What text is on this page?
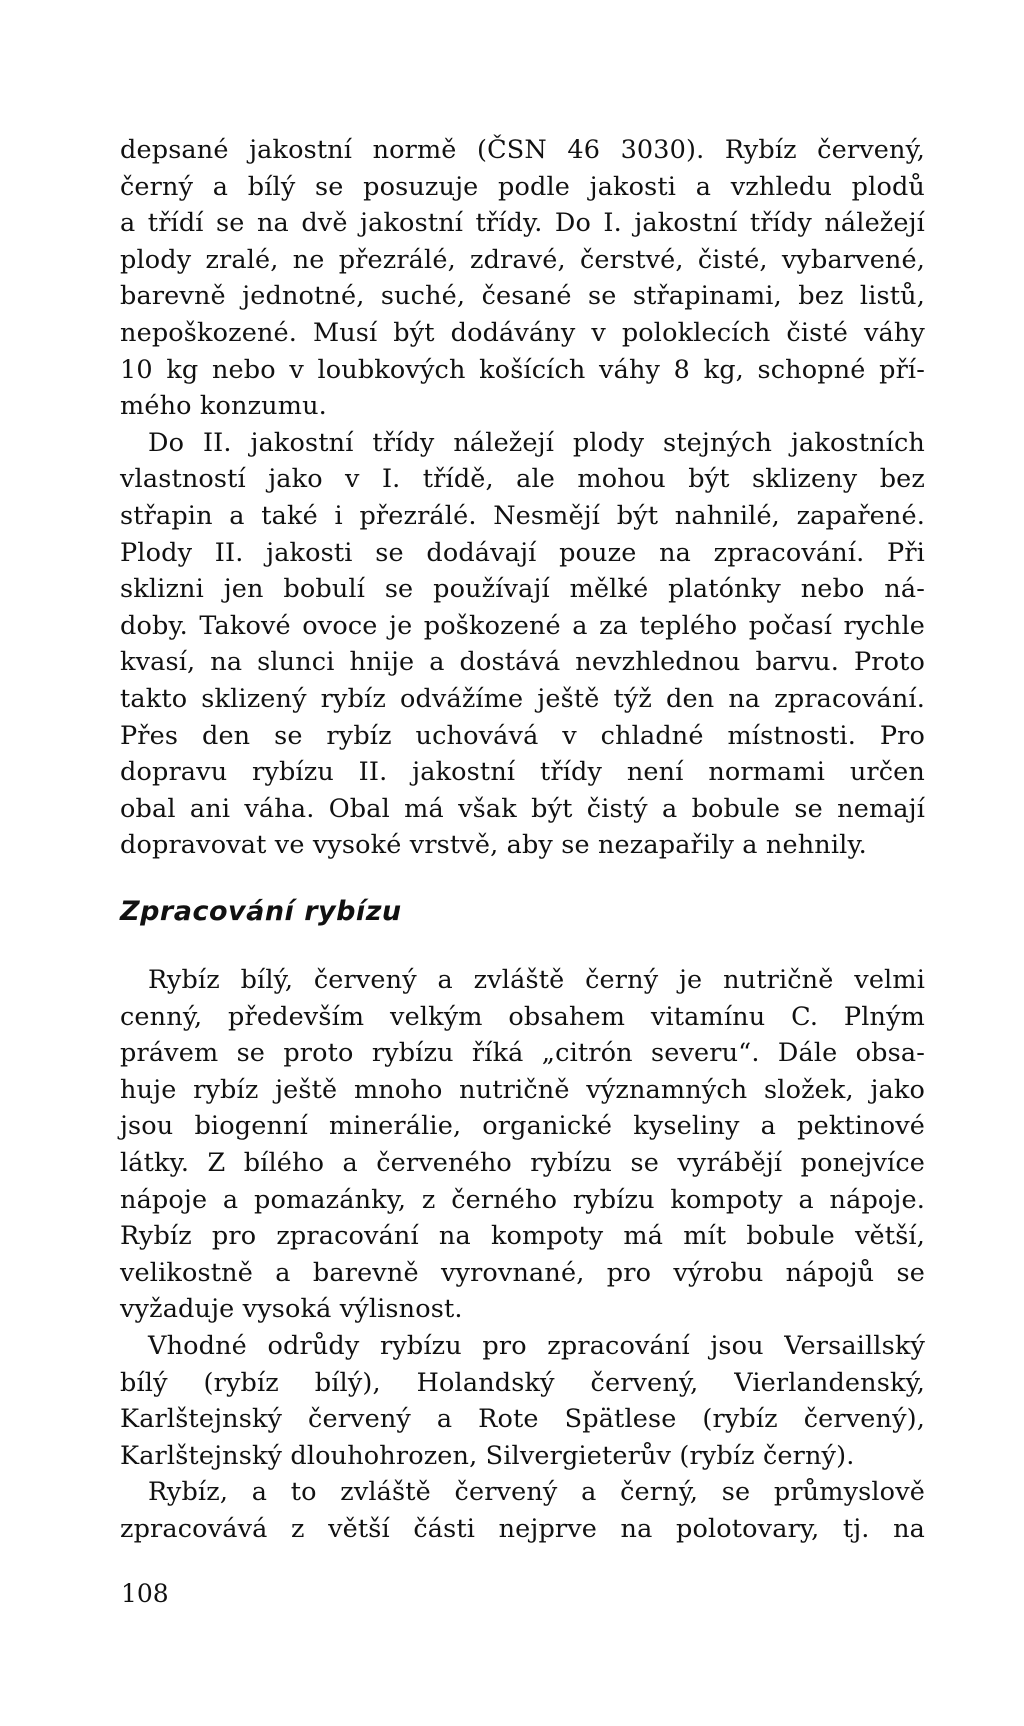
depsané jakostní normě (ČSN 46 3030). Rybíz červený,
černý a bílý se posuzuje podle jakosti a vzhledu plodů
a třídí se na dvě jakostní třídy. Do I. jakostní třídy náležejí
plody zralé, ne přezrálé, zdravé, čerstvé, čisté, vybarvené,
barevně jednotné, suché, česané se střapinami, bez listů,
nepoškozené. Musí být dodávány v poloklecích čisté váhy
10 kg nebo v loubkových košících váhy 8 kg, schopné pří-
mého konzumu.
Do II. jakostní třídy náležejí plody stejných jakostních
vlastností jako v I. třídě, ale mohou být sklizeny bez
střapin a také i přezrálé. Nesmějí být nahnilé, zapařené.
Plody II. jakosti se dodávají pouze na zpracování. Při
sklizni jen bobulí se používají mělké platónky nebo ná-
doby. Takové ovoce je poškozené a za teplého počasí rychle
kvasí, na slunci hnije a dostává nevzhlednou barvu. Proto
takto sklizený rybíz odvážíme ještě týž den na zpracování.
Přes den se rybíz uchovává v chladné místnosti. Pro
dopravu rybízu II. jakostní třídy není normami určen
obal ani váha. Obal má však být čistý a bobule se nemají
dopravovat ve vysoké vrstvě, aby se nezapařily a nehnily.
Zpracování rybízu
Rybíz bílý, červený a zvláště černý je nutričně velmi
cenný, především velkým obsahem vitamínu C. Plným
právem se proto rybízu říká „citrón severu“. Dále obsa-
huje rybíz ještě mnoho nutričně významných složek, jako
jsou biogenní minerálie, organické kyseliny a pektinové
látky. Z bílého a červeného rybízu se vyrábějí ponejvíce
nápoje a pomazánky, z černého rybízu kompoty a nápoje.
Rybíz pro zpracování na kompoty má mít bobule větší,
velikostně a barevně vyrovnané, pro výrobu nápojů se
vyžaduje vysoká výlisnost.
Vhodné odrůdy rybízu pro zpracování jsou Versaillský
bílý (rybíz bílý), Holandský červený, Vierlandenský,
Karlštejnský červený a Rote Spätlese (rybíz červený),
Karlštejnský dlouhohrozen, Silvergieterův (rybíz černý).
Rybíz, a to zvláště červený a černý, se průmyslově
zpracovává z větší části nejprve na polotovary, tj. na
108
